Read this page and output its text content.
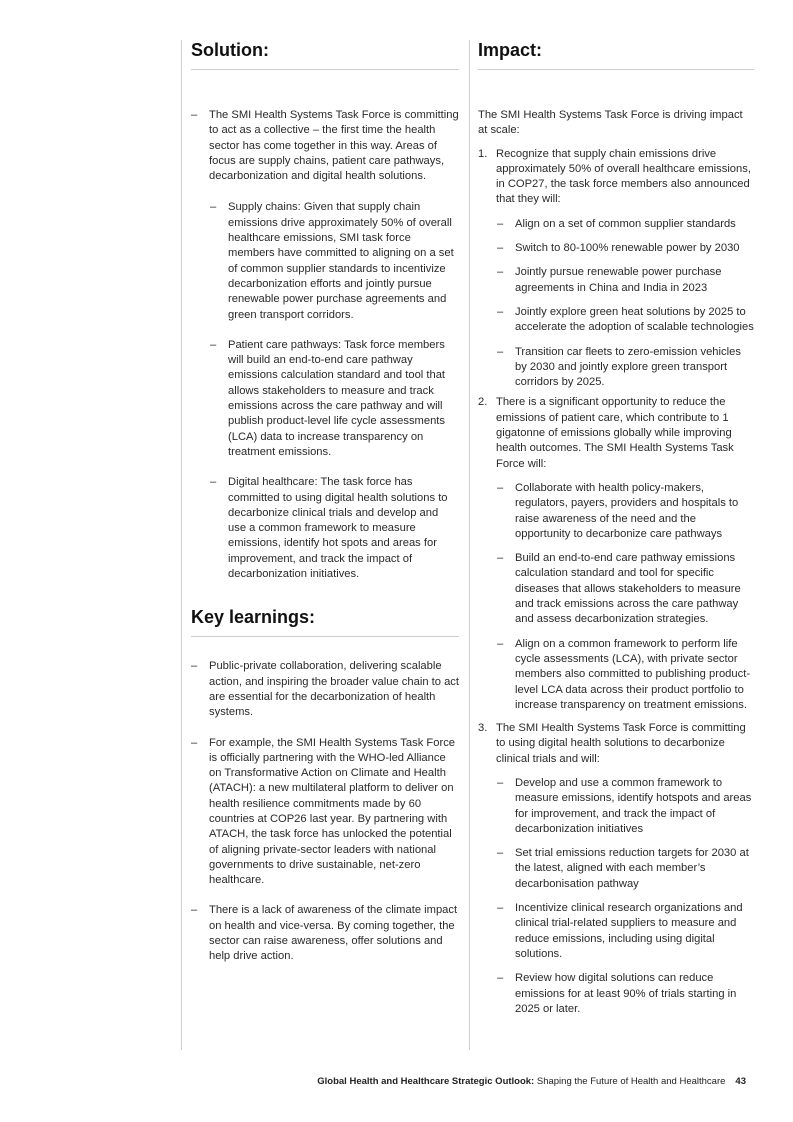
Solution:
– The SMI Health Systems Task Force is committing to act as a collective – the first time the health sector has come together in this way. Areas of focus are supply chains, patient care pathways, decarbonization and digital health solutions.
– Supply chains: Given that supply chain emissions drive approximately 50% of overall healthcare emissions, SMI task force members have committed to aligning on a set of common supplier standards to incentivize decarbonization efforts and jointly pursue renewable power purchase agreements and green transport corridors.
– Patient care pathways: Task force members will build an end-to-end care pathway emissions calculation standard and tool that allows stakeholders to measure and track emissions across the care pathway and will publish product-level life cycle assessments (LCA) data to increase transparency on treatment emissions.
– Digital healthcare: The task force has committed to using digital health solutions to decarbonize clinical trials and develop and use a common framework to measure emissions, identify hot spots and areas for improvement, and track the impact of decarbonization initiatives.
Key learnings:
– Public-private collaboration, delivering scalable action, and inspiring the broader value chain to act are essential for the decarbonization of health systems.
– For example, the SMI Health Systems Task Force is officially partnering with the WHO-led Alliance on Transformative Action on Climate and Health (ATACH): a new multilateral platform to deliver on health resilience commitments made by 60 countries at COP26 last year. By partnering with ATACH, the task force has unlocked the potential of aligning private-sector leaders with national governments to drive sustainable, net-zero healthcare.
– There is a lack of awareness of the climate impact on health and vice-versa. By coming together, the sector can raise awareness, offer solutions and help drive action.
Impact:
The SMI Health Systems Task Force is driving impact at scale:
1. Recognize that supply chain emissions drive approximately 50% of overall healthcare emissions, in COP27, the task force members also announced that they will:
– Align on a set of common supplier standards
– Switch to 80-100% renewable power by 2030
– Jointly pursue renewable power purchase agreements in China and India in 2023
– Jointly explore green heat solutions by 2025 to accelerate the adoption of scalable technologies
– Transition car fleets to zero-emission vehicles by 2030 and jointly explore green transport corridors by 2025.
2. There is a significant opportunity to reduce the emissions of patient care, which contribute to 1 gigatonne of emissions globally while improving health outcomes. The SMI Health Systems Task Force will:
– Collaborate with health policy-makers, regulators, payers, providers and hospitals to raise awareness of the need and the opportunity to decarbonize care pathways
– Build an end-to-end care pathway emissions calculation standard and tool for specific diseases that allows stakeholders to measure and track emissions across the care pathway and assess decarbonization strategies.
– Align on a common framework to perform life cycle assessments (LCA), with private sector members also committed to publishing product-level LCA data across their product portfolio to increase transparency on treatment emissions.
3. The SMI Health Systems Task Force is committing to using digital health solutions to decarbonize clinical trials and will:
– Develop and use a common framework to measure emissions, identify hotspots and areas for improvement, and track the impact of decarbonization initiatives
– Set trial emissions reduction targets for 2030 at the latest, aligned with each member’s decarbonisation pathway
– Incentivize clinical research organizations and clinical trial-related suppliers to measure and reduce emissions, including using digital solutions.
– Review how digital solutions can reduce emissions for at least 90% of trials starting in 2025 or later.
Global Health and Healthcare Strategic Outlook: Shaping the Future of Health and Healthcare 43
